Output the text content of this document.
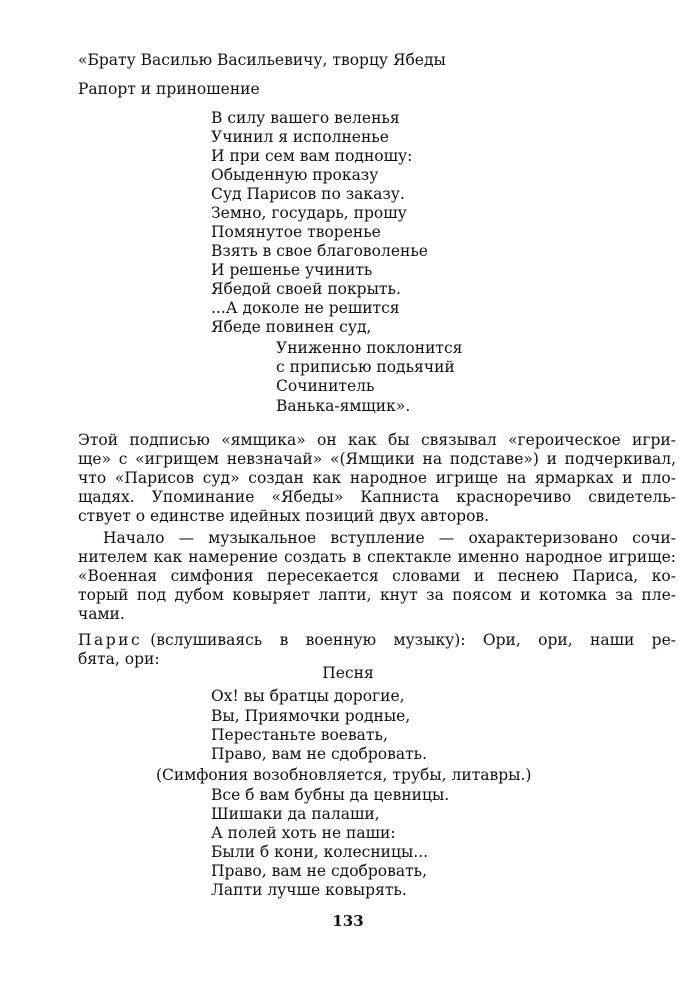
«Брату Василью Васильевичу, творцу Ябеды
Рапорт и приношение
В силу вашего веленья
Учинил я исполненье
И при сем вам подношу:
Обыденную проказу
Суд Парисов по заказу.
Земно, государь, прошу
Помянутое творенье
Взять в свое благоволенье
И решенье учинить
Ябедой своей покрыть.
...А доколе не решится
Ябеде повинен суд,
Униженно поклонится
с приписью подьячий
Сочинитель
Ванька-ямщик».
Этой подписью «ямщика» он как бы связывал «героическое игри-
ще» с «игрищем невзначай» «(Ямщики на подставе») и подчеркивал,
что «Парисов суд» создан как народное игрище на ярмарках и пло-
щадях. Упоминание «Ябеды» Капниста красноречиво свидетель-
ствует о единстве идейных позиций двух авторов.
Начало — музыкальное вступление — охарактеризовано сочи-
нителем как намерение создать в спектакле именно народное игрище:
«Военная симфония пересекается словами и песнею Париса, ко-
торый под дубом ковыряет лапти, кнут за поясом и котомка за пле-
чами.
Парис (вслушиваясь в военную музыку): Ори, ори, наши ре-
бята, ори:
Песня
Ох! вы братцы дорогие,
Вы, Приямочки родные,
Перестаньте воевать,
Право, вам не сдобровать.
(Симфония возобновляется, трубы, литавры.)
Все б вам бубны да цевницы.
Шишаки да палаши,
А полей хоть не паши:
Были б кони, колесницы...
Право, вам не сдобровать,
Лапти лучше ковырять.
133
